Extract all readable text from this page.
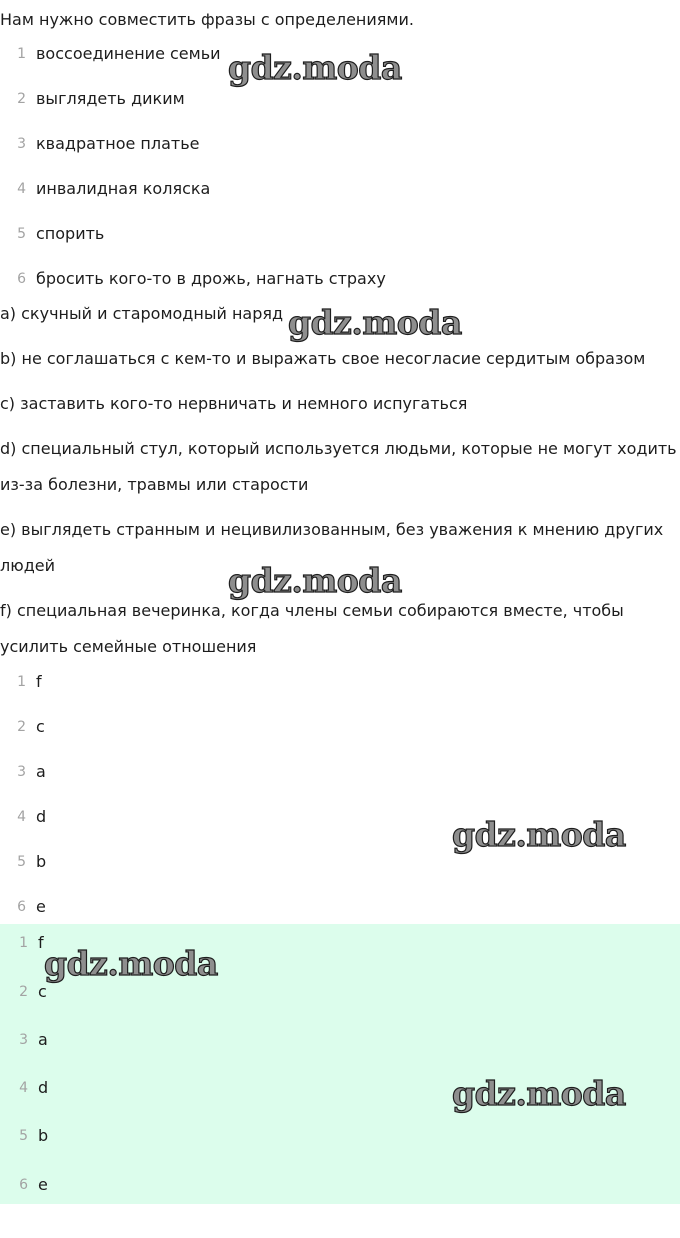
Нам нужно совместить фразы с определениями.
1 воссоединение семьи
2 выглядеть диким
3 квадратное платье
4 инвалидная коляска
5 спорить
6 бросить кого-то в дрожь, нагнать страху
a) скучный и старомодный наряд
b) не соглашаться с кем-то и выражать свое несогласие сердитым образом
c) заставить кого-то нервничать и немного испугаться
d) специальный стул, который используется людьми, которые не могут ходить из-за болезни, травмы или старости
e) выглядеть странным и нецивилизованным, без уважения к мнению других людей
f) специальная вечеринка, когда члены семьи собираются вместе, чтобы усилить семейные отношения
1 f
2 c
3 a
4 d
5 b
6 e
1 f
2 c
3 a
4 d
5 b
6 e
gdz.moda
gdz.moda
gdz.moda
gdz.moda
gdz.moda
gdz.moda
